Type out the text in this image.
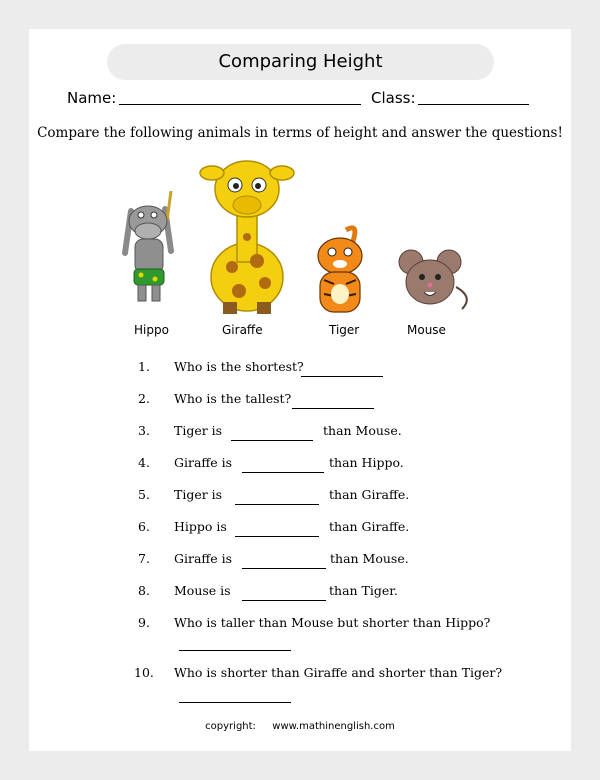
Comparing Height
Name:	Class:
Compare the following animals in terms of height and answer the questions!
Hippo	Giraffe	Tiger	Mouse
1. Who is the shortest?
2. Who is the tallest?
3. Tiger is	than Mouse.
4. Giraffe is	than Hippo.
5. Tiger is	than Giraffe.
6. Hippo is	than Giraffe.
7. Giraffe is	than Mouse.
8. Mouse is	than Tiger.
9. Who is taller than Mouse but shorter than Hippo?
10. Who is shorter than Giraffe and shorter than Tiger?
copyright: www.mathinenglish.com
